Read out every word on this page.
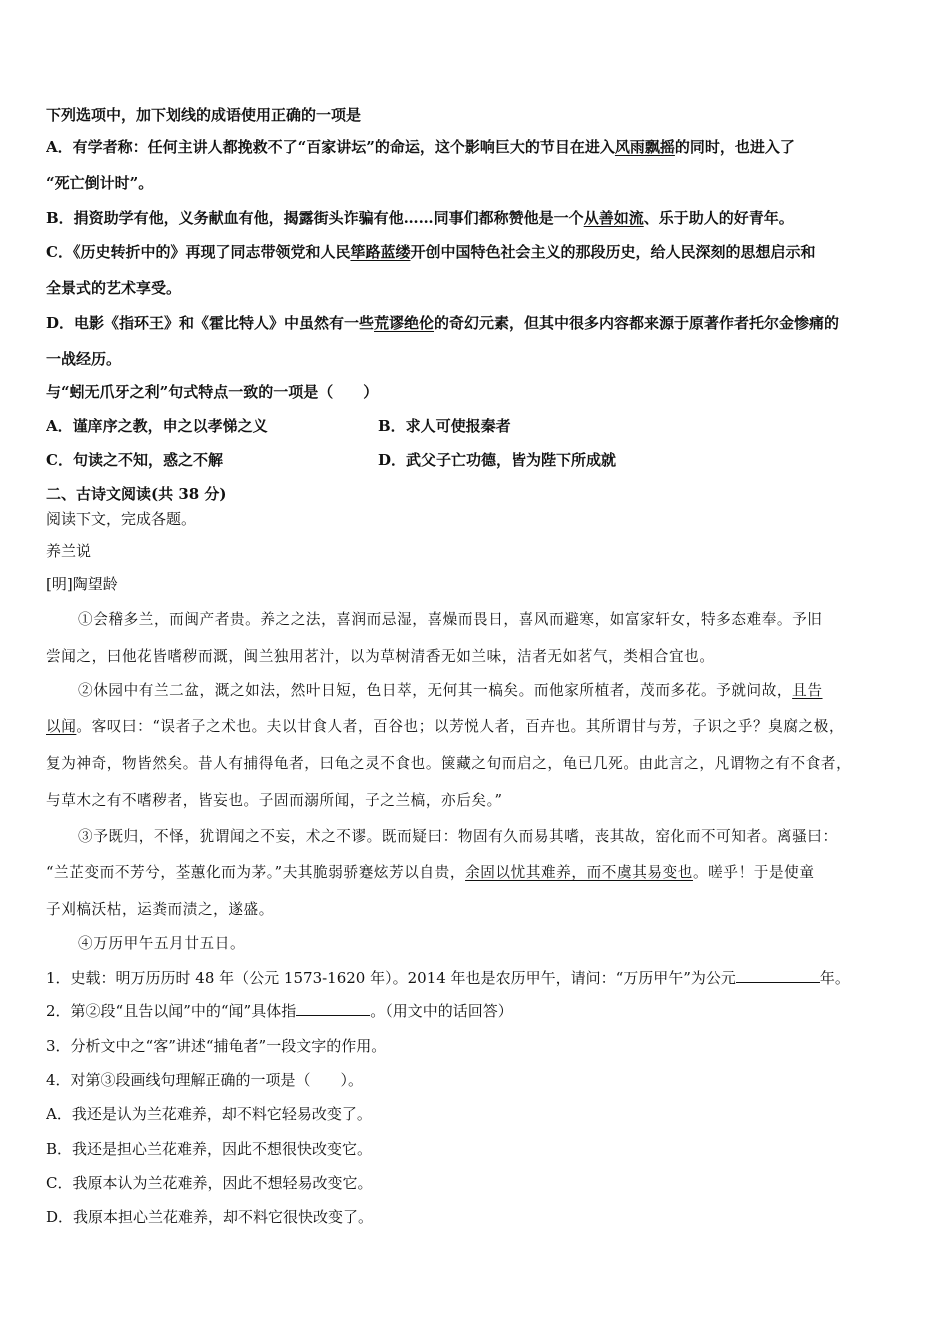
下列选项中，加下划线的成语使用正确的一项是
A．有学者称：任何主讲人都挽救不了“百家讲坛”的命运，这个影响巨大的节目在进入风雨飘摇的同时，也进入了
“死亡倒计时”。
B．捐资助学有他，义务献血有他，揭露街头诈骗有他……同事们都称赞他是一个从善如流、乐于助人的好青年。
C．《历史转折中的》再现了同志带领党和人民筚路蓝缕开创中国特色社会主义的那段历史，给人民深刻的思想启示和
全景式的艺术享受。
D．电影《指环王》和《霍比特人》中虽然有一些荒谬绝伦的奇幻元素，但其中很多内容都来源于原著作者托尔金惨痛的
一战经历。
与“蚓无爪牙之利”句式特点一致的一项是（　　）
A．谨庠序之教，申之以孝悌之义	B．求人可使报秦者
C．句读之不知，惑之不解	D．武父子亡功德，皆为陛下所成就
二、古诗文阅读(共 38 分)
阅读下文，完成各题。
养兰说
[明]陶望龄
①会稽多兰，而闽产者贵。养之之法，喜润而忌湿，喜燥而畏日，喜风而避寒，如富家轩女，特多态难奉。予旧
尝闻之，曰他花皆嗜秽而溉，闽兰独用茗汁，以为草树清香无如兰味，洁者无如茗气，类相合宜也。
②休园中有兰二盆，溉之如法，然叶日短，色日萃，无何其一槁矣。而他家所植者，茂而多花。予就问故，且告
以闻。客叹曰：“误者子之术也。夫以甘食人者，百谷也；以芳悦人者，百卉也。其所谓甘与芳，子识之乎？臭腐之极，
复为神奇，物皆然矣。昔人有捕得龟者，曰龟之灵不食也。箧藏之旬而启之，龟已几死。由此言之，凡谓物之有不食者，
与草木之有不嗜秽者，皆妄也。子固而溺所闻，子之兰槁，亦后矣。”
③予既归，不怿，犹谓闻之不妄，术之不谬。既而疑曰：物固有久而易其嗜，丧其故，窑化而不可知者。离骚曰：
“兰芷变而不芳兮，荃蕙化而为茅。”夫其脆弱骄蹇炫芳以自贵，余固以忧其难养，而不虞其易变也。嗟乎！于是使童
子刈槁沃枯，运粪而渍之，遂盛。
④万历甲午五月廿五日。
1．史载：明万历历时 48 年（公元 1573-1620 年）。2014 年也是农历甲午，请问：“万历甲午”为公元	年。
2．第②段“且告以闻”中的“闻”具体指	。（用文中的话回答）
3．分析文中之“客”讲述“捕龟者”一段文字的作用。
4．对第③段画线句理解正确的一项是（　　）。
A．我还是认为兰花难养，却不料它轻易改变了。
B．我还是担心兰花难养，因此不想很快改变它。
C．我原本认为兰花难养，因此不想轻易改变它。
D．我原本担心兰花难养，却不料它很快改变了。
